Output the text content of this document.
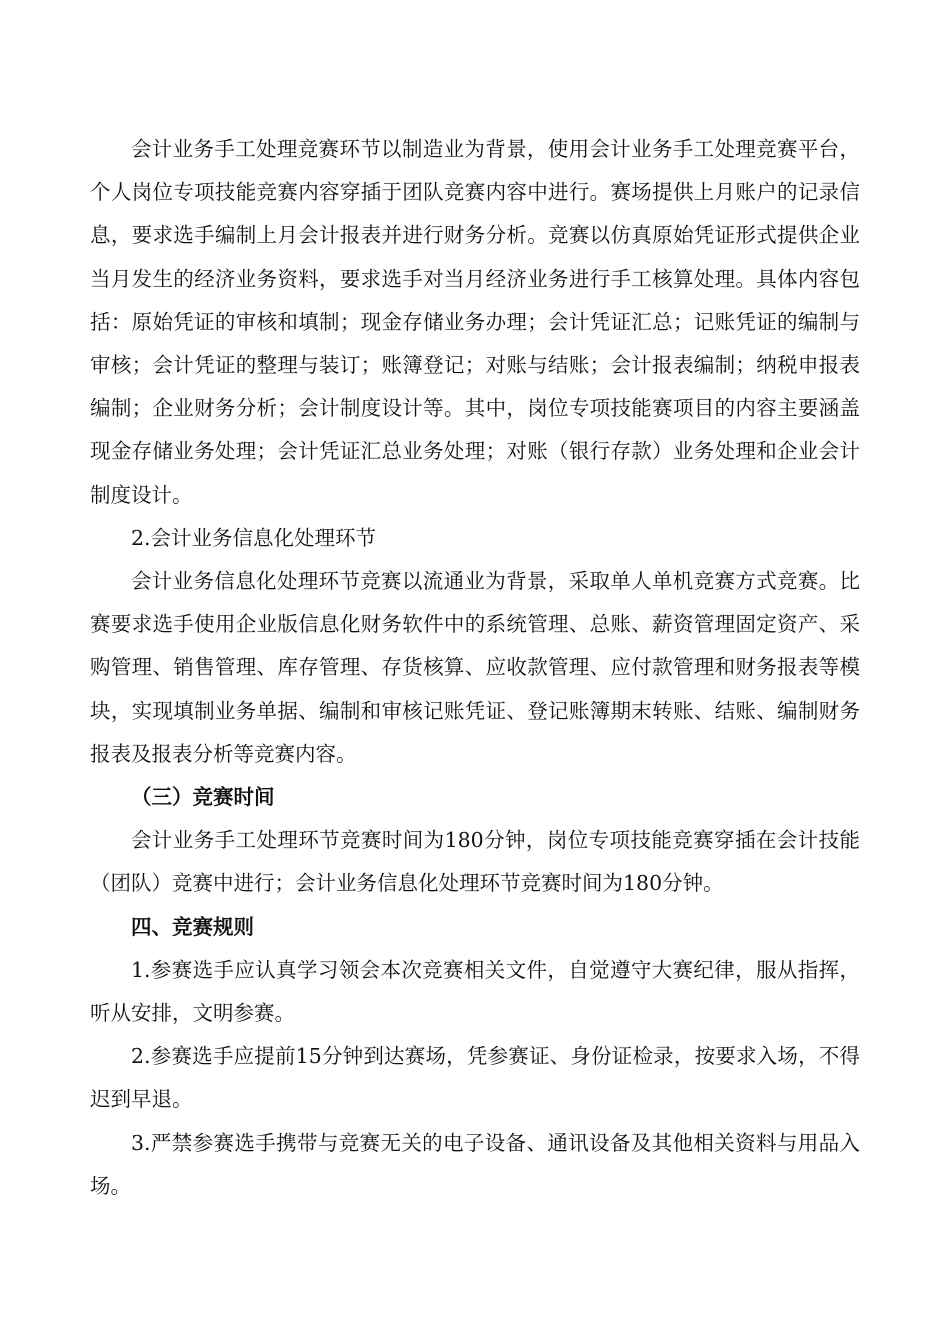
会计业务手工处理竞赛环节以制造业为背景，使用会计业务手工处理竞赛平台，个人岗位专项技能竞赛内容穿插于团队竞赛内容中进行。赛场提供上月账户的记录信息，要求选手编制上月会计报表并进行财务分析。竞赛以仿真原始凭证形式提供企业当月发生的经济业务资料，要求选手对当月经济业务进行手工核算处理。具体内容包括：原始凭证的审核和填制；现金存储业务办理；会计凭证汇总；记账凭证的编制与审核；会计凭证的整理与装订；账簿登记；对账与结账；会计报表编制；纳税申报表编制；企业财务分析；会计制度设计等。其中，岗位专项技能赛项目的内容主要涵盖现金存储业务处理；会计凭证汇总业务处理；对账（银行存款）业务处理和企业会计制度设计。

2.会计业务信息化处理环节

会计业务信息化处理环节竞赛以流通业为背景，采取单人单机竞赛方式竞赛。比赛要求选手使用企业版信息化财务软件中的系统管理、总账、薪资管理固定资产、采购管理、销售管理、库存管理、存货核算、应收款管理、应付款管理和财务报表等模块，实现填制业务单据、编制和审核记账凭证、登记账簿期末转账、结账、编制财务报表及报表分析等竞赛内容。

（三）竞赛时间

会计业务手工处理环节竞赛时间为180分钟，岗位专项技能竞赛穿插在会计技能（团队）竞赛中进行；会计业务信息化处理环节竞赛时间为180分钟。

四、竞赛规则

1.参赛选手应认真学习领会本次竞赛相关文件，自觉遵守大赛纪律，服从指挥，听从安排，文明参赛。

2.参赛选手应提前15分钟到达赛场，凭参赛证、身份证检录，按要求入场，不得迟到早退。

3.严禁参赛选手携带与竞赛无关的电子设备、通讯设备及其他相关资料与用品入场。
